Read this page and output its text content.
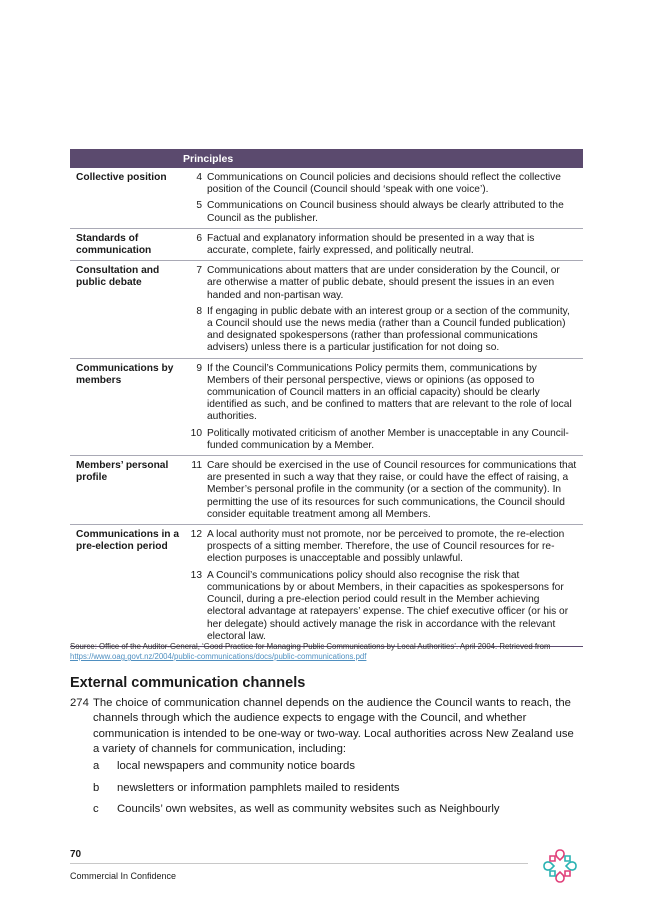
Principles
Collective position	4 Communications on Council policies and decisions should reflect the collective position of the Council (Council should ‘speak with one voice’).
5 Communications on Council business should always be clearly attributed to the Council as the publisher.
Standards of communication
6 Factual and explanatory information should be presented in a way that is accurate, complete, fairly expressed, and politically neutral.
Consultation and public debate
7 Communications about matters that are under consideration by the Council, or are otherwise a matter of public debate, should present the issues in an even handed and non-partisan way.
8 If engaging in public debate with an interest group or a section of the community, a Council should use the news media (rather than a Council funded publication) and designated spokespersons (rather than professional communications advisers) unless there is a particular justification for not doing so.
Communications by members
9 If the Council’s Communications Policy permits them, communications by Members of their personal perspective, views or opinions (as opposed to communication of Council matters in an official capacity) should be clearly identified as such, and be confined to matters that are relevant to the role of local authorities.
10 Politically motivated criticism of another Member is unacceptable in any Council-funded communication by a Member.
Members’ personal profile
11 Care should be exercised in the use of Council resources for communications that are presented in such a way that they raise, or could have the effect of raising, a Member’s personal profile in the community (or a section of the community). In permitting the use of its resources for such communications, the Council should consider equitable treatment among all Members.
Communications in a pre-election period
12 A local authority must not promote, nor be perceived to promote, the re-election prospects of a sitting member. Therefore, the use of Council resources for re-election purposes is unacceptable and possibly unlawful.
13 A Council’s communications policy should also recognise the risk that communications by or about Members, in their capacities as spokespersons for Council, during a pre-election period could result in the Member achieving electoral advantage at ratepayers’ expense. The chief executive officer (or his or her delegate) should actively manage the risk in accordance with the relevant electoral law.
Source: Office of the Auditor-General, ‘Good Practice for Managing Public Communications by Local Authorities’. April 2004. Retrieved from
https://www.oag.govt.nz/2004/public-communications/docs/public-communications.pdf
External communication channels
274 The choice of communication channel depends on the audience the Council wants to reach, the channels through which the audience expects to engage with the Council, and whether communication is intended to be one-way or two-way. Local authorities across New Zealand use a variety of channels for communication, including:
a	local newspapers and community notice boards
b	newsletters or information pamphlets mailed to residents
c	Councils’ own websites, as well as community websites such as Neighbourly
70
Commercial In Confidence
